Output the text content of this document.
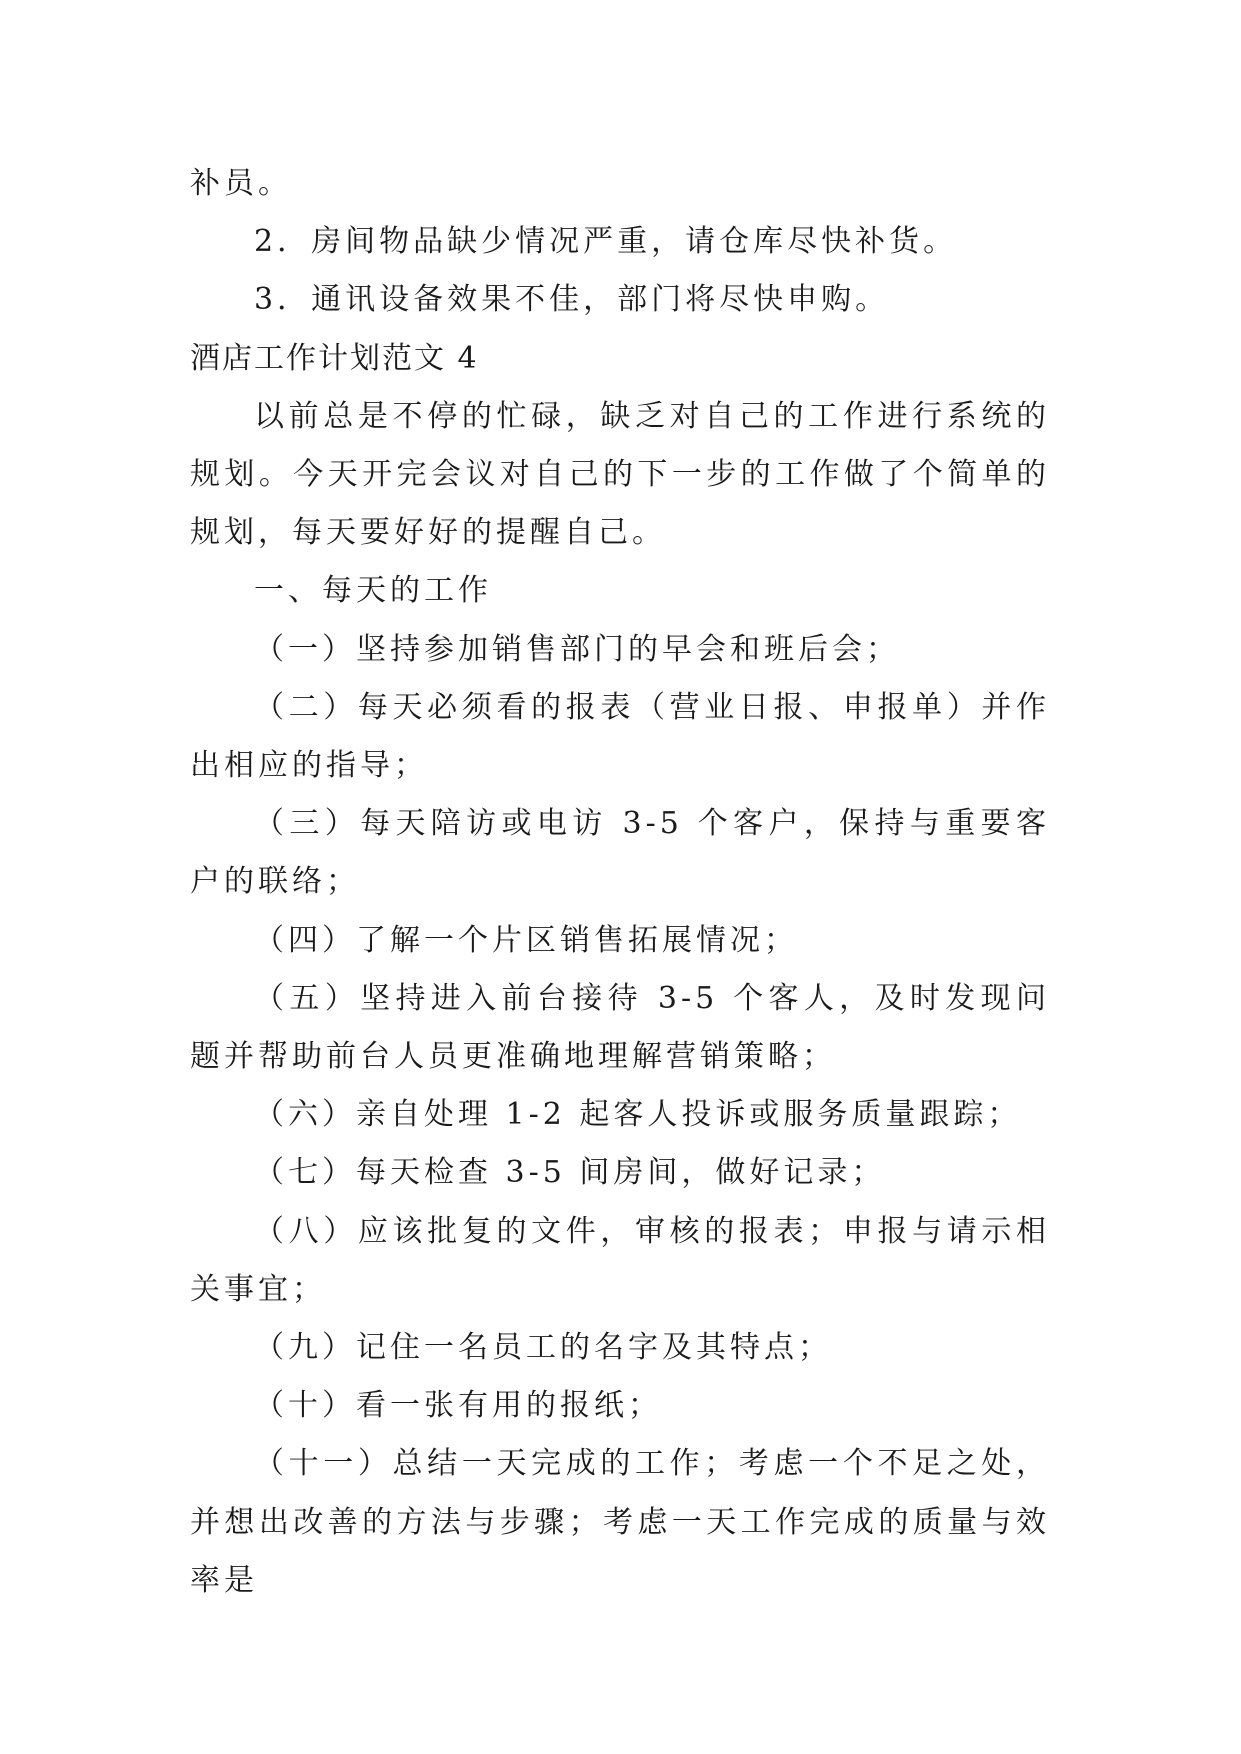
补员。

2．房间物品缺少情况严重，请仓库尽快补货。

3．通讯设备效果不佳，部门将尽快申购。

酒店工作计划范文 4

以前总是不停的忙碌，缺乏对自己的工作进行系统的规划。今天开完会议对自己的下一步的工作做了个简单的规划，每天要好好的提醒自己。

一、每天的工作

（一）坚持参加销售部门的早会和班后会；

（二）每天必须看的报表（营业日报、申报单）并作出相应的指导；

（三）每天陪访或电访 3-5 个客户，保持与重要客户的联络；

（四）了解一个片区销售拓展情况；

（五）坚持进入前台接待 3-5 个客人，及时发现问题并帮助前台人员更准确地理解营销策略；

（六）亲自处理 1-2 起客人投诉或服务质量跟踪；

（七）每天检查 3-5 间房间，做好记录；

（八）应该批复的文件，审核的报表；申报与请示相关事宜；

（九）记住一名员工的名字及其特点；

（十）看一张有用的报纸；

（十一）总结一天完成的工作；考虑一个不足之处，并想出改善的方法与步骤；考虑一天工作完成的质量与效率是
